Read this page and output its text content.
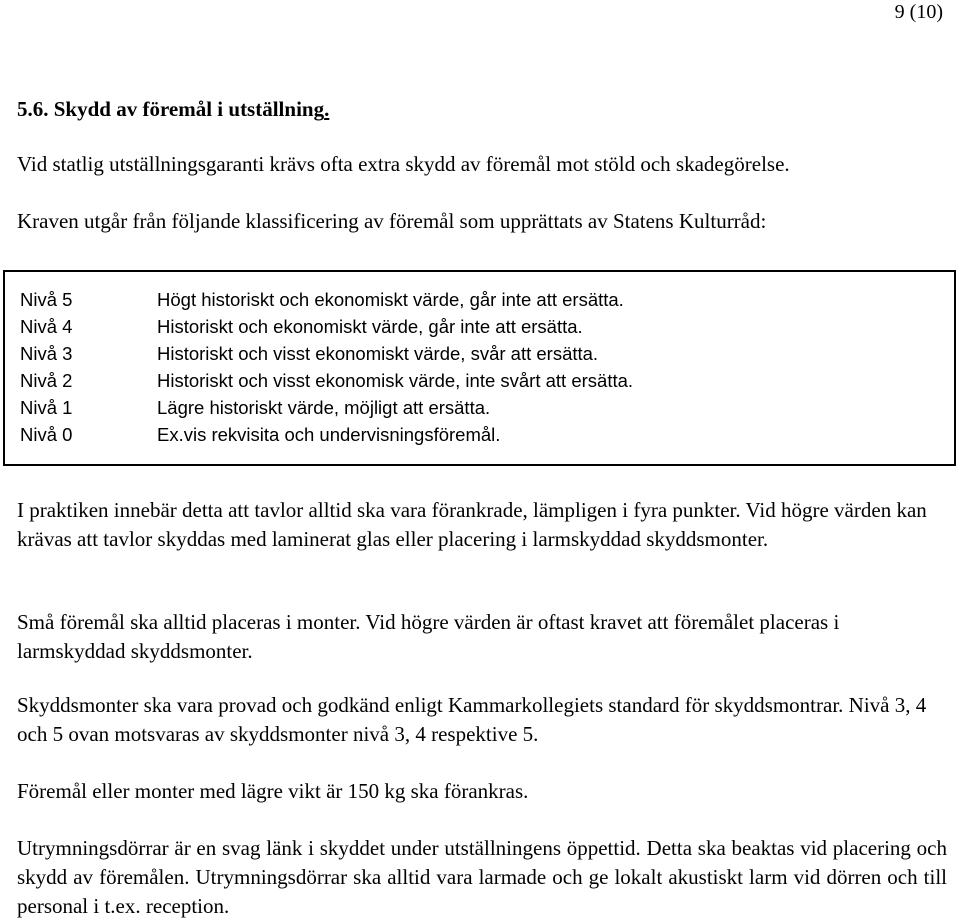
9 (10)
5.6. Skydd av föremål i utställning.

Vid statlig utställningsgaranti krävs ofta extra skydd av föremål mot stöld och skadegörelse.

Kraven utgår från följande klassificering av föremål som upprättats av Statens Kulturråd:

Nivå 5	Högt historiskt och ekonomiskt värde, går inte att ersätta.
Nivå 4	Historiskt och ekonomiskt värde, går inte att ersätta.
Nivå 3	Historiskt och visst ekonomiskt värde, svår att ersätta.
Nivå 2	Historiskt och visst ekonomisk värde, inte svårt att ersätta.
Nivå 1	Lägre historiskt värde, möjligt att ersätta.
Nivå 0	Ex.vis rekvisita och undervisningsföremål.

I praktiken innebär detta att tavlor alltid ska vara förankrade, lämpligen i fyra punkter. Vid högre värden kan krävas att tavlor skyddas med laminerat glas eller placering i larmskyddad skyddsmonter.

Små föremål ska alltid placeras i monter. Vid högre värden är oftast kravet att föremålet placeras i larmskyddad skyddsmonter.

Skyddsmonter ska vara provad och godkänd enligt Kammarkollegiets standard för skyddsmontrar. Nivå 3, 4 och 5 ovan motsvaras av skyddsmonter nivå 3, 4 respektive 5.

Föremål eller monter med lägre vikt är 150 kg ska förankras.

Utrymningsdörrar är en svag länk i skyddet under utställningens öppettid. Detta ska beaktas vid placering och skydd av föremålen. Utrymningsdörrar ska alltid vara larmade och ge lokalt akustiskt larm vid dörren och till personal i t.ex. reception.
